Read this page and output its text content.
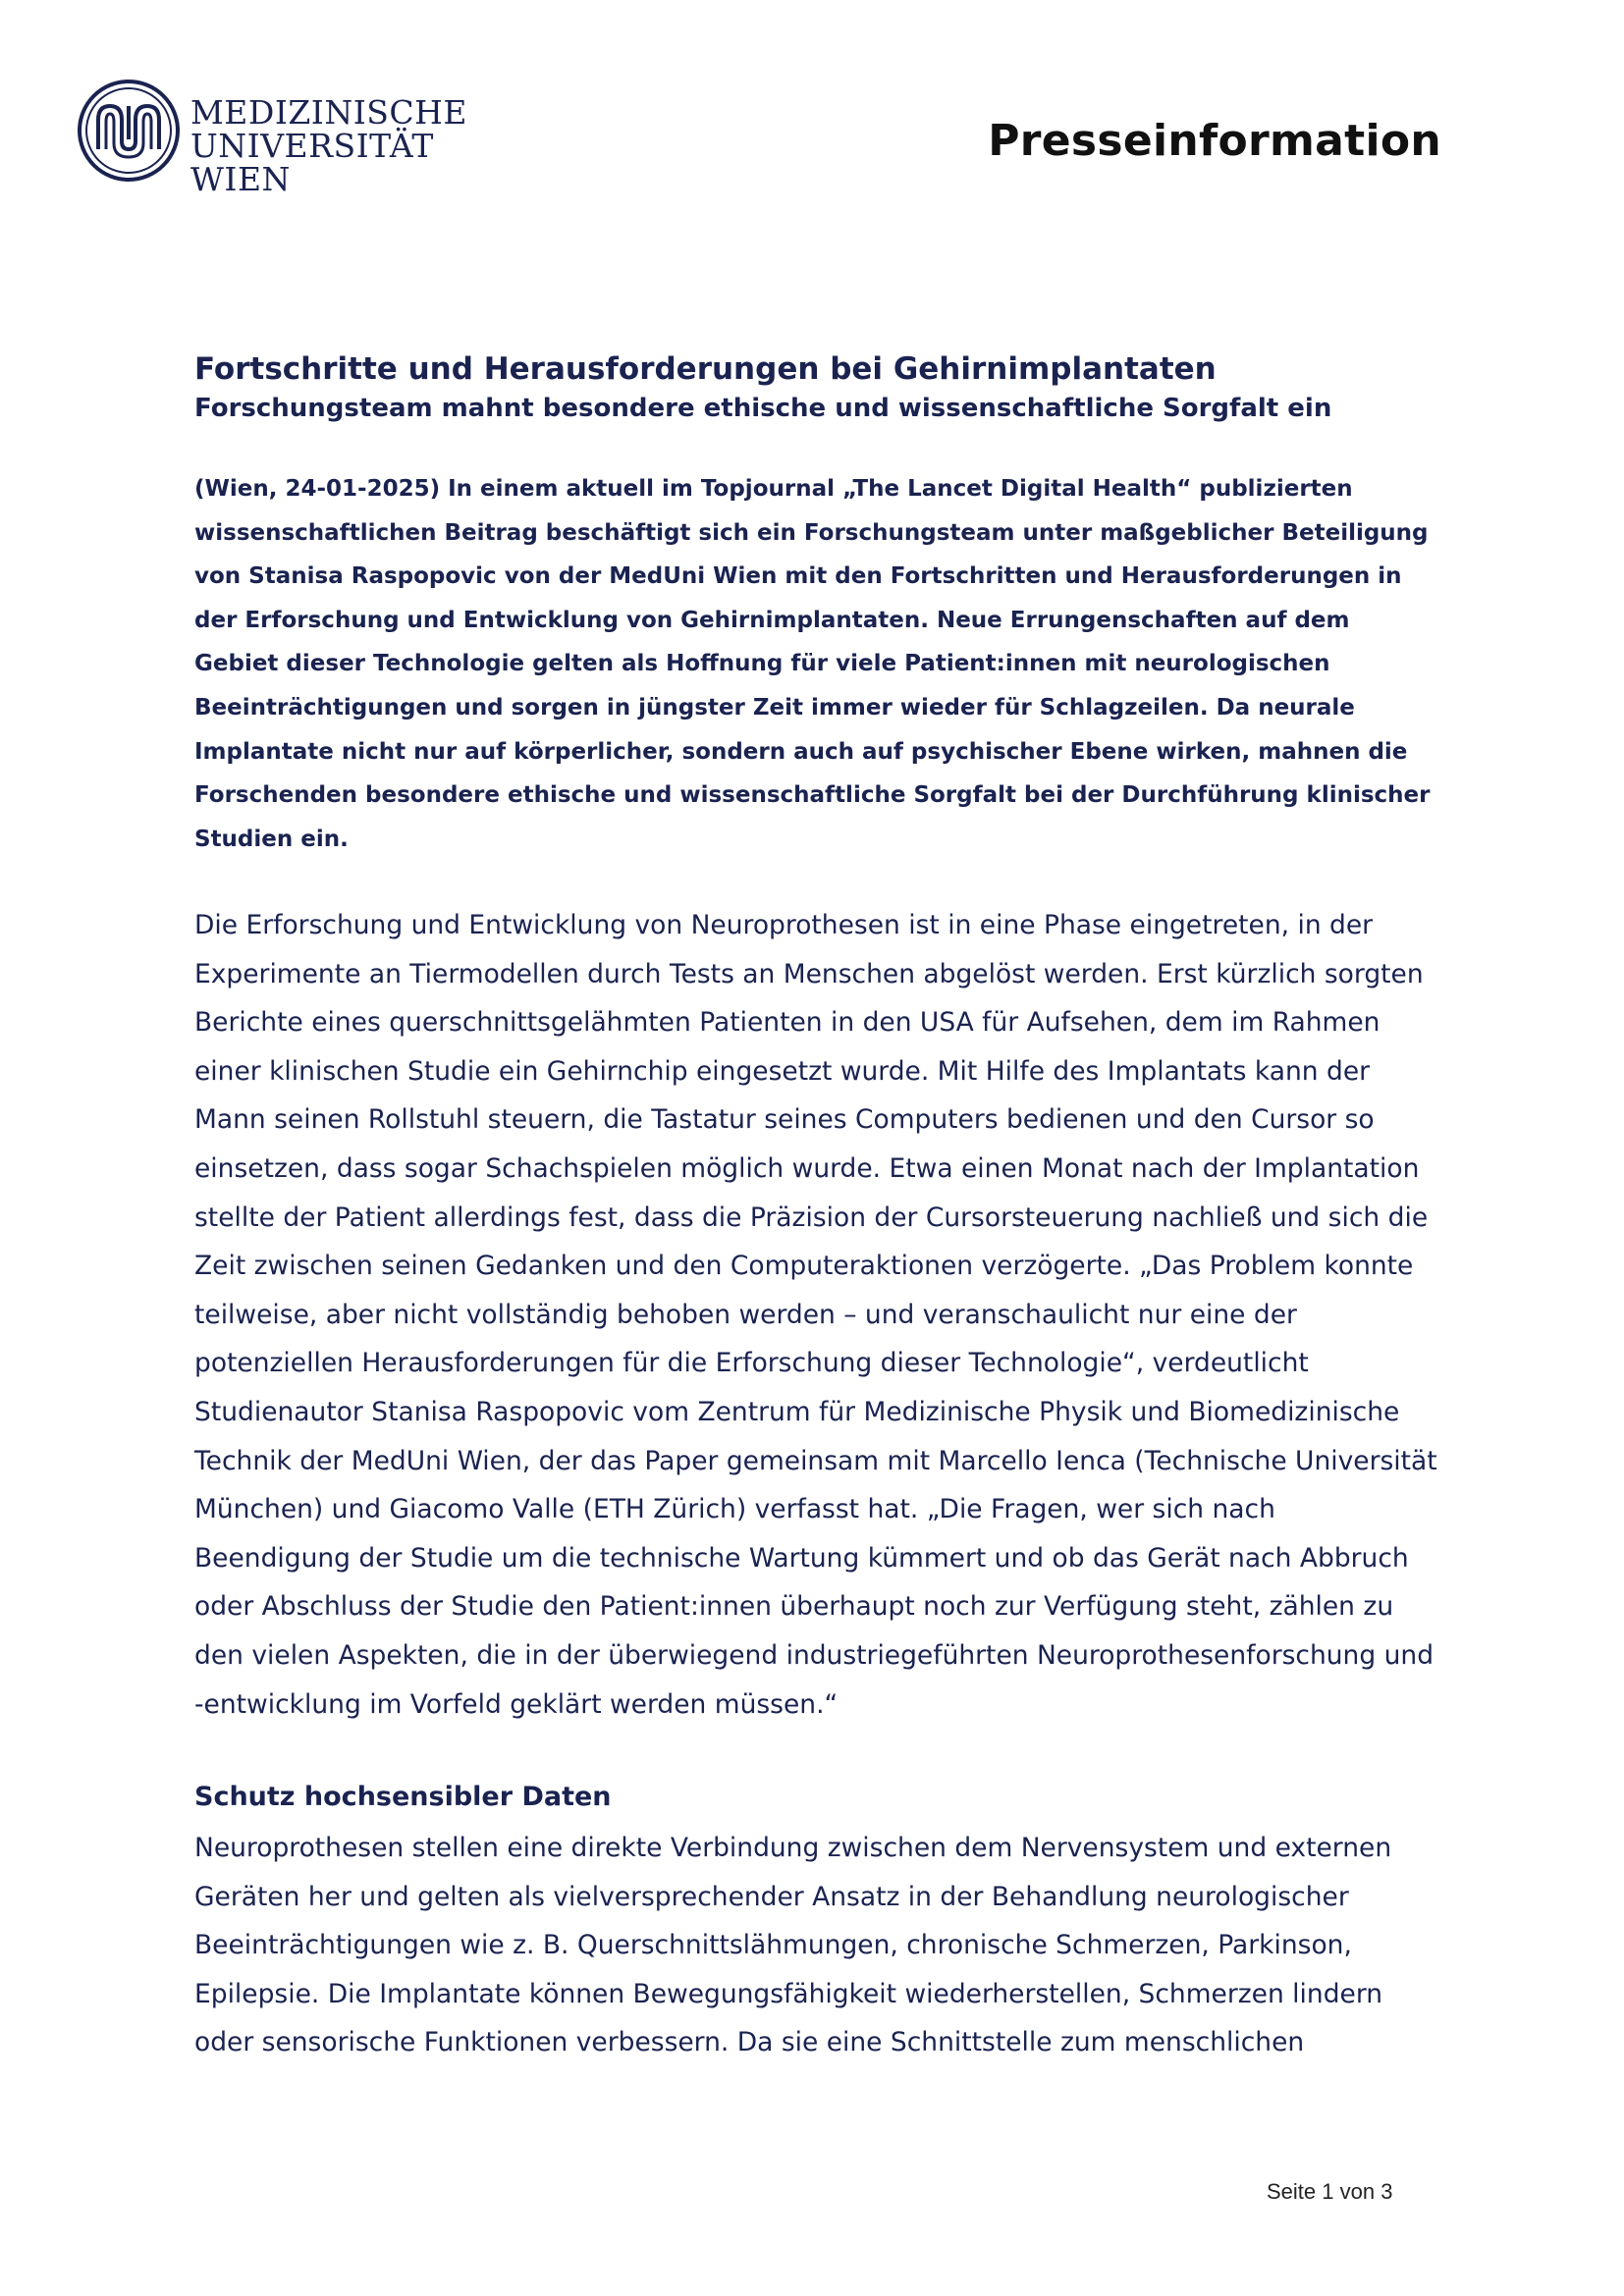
MEDIZINISCHE
UNIVERSITÄT WIEN
Presseinformation
Fortschritte und Herausforderungen bei Gehirnimplantaten
Forschungsteam mahnt besondere ethische und wissenschaftliche Sorgfalt ein
(Wien, 24-01-2025) In einem aktuell im Topjournal „The Lancet Digital Health“ publizierten wissenschaftlichen Beitrag beschäftigt sich ein Forschungsteam unter maßgeblicher Beteiligung von Stanisa Raspopovic von der MedUni Wien mit den Fortschritten und Herausforderungen in der Erforschung und Entwicklung von Gehirnimplantaten. Neue Errungenschaften auf dem Gebiet dieser Technologie gelten als Hoffnung für viele Patient:innen mit neurologischen Beeinträchtigungen und sorgen in jüngster Zeit immer wieder für Schlagzeilen. Da neurale Implantate nicht nur auf körperlicher, sondern auch auf psychischer Ebene wirken, mahnen die Forschenden besondere ethische und wissenschaftliche Sorgfalt bei der Durchführung klinischer Studien ein.
Die Erforschung und Entwicklung von Neuroprothesen ist in eine Phase eingetreten, in der Experimente an Tiermodellen durch Tests an Menschen abgelöst werden. Erst kürzlich sorgten Berichte eines querschnittsgelähmten Patienten in den USA für Aufsehen, dem im Rahmen einer klinischen Studie ein Gehirnchip eingesetzt wurde. Mit Hilfe des Implantats kann der Mann seinen Rollstuhl steuern, die Tastatur seines Computers bedienen und den Cursor so einsetzen, dass sogar Schachspielen möglich wurde. Etwa einen Monat nach der Implantation stellte der Patient allerdings fest, dass die Präzision der Cursorsteuerung nachließ und sich die Zeit zwischen seinen Gedanken und den Computeraktionen verzögerte. „Das Problem konnte teilweise, aber nicht vollständig behoben werden – und veranschaulicht nur eine der potenziellen Herausforderungen für die Erforschung dieser Technologie“, verdeutlicht Studienautor Stanisa Raspopovic vom Zentrum für Medizinische Physik und Biomedizinische Technik der MedUni Wien, der das Paper gemeinsam mit Marcello Ienca (Technische Universität München) und Giacomo Valle (ETH Zürich) verfasst hat. „Die Fragen, wer sich nach Beendigung der Studie um die technische Wartung kümmert und ob das Gerät nach Abbruch oder Abschluss der Studie den Patient:innen überhaupt noch zur Verfügung steht, zählen zu den vielen Aspekten, die in der überwiegend industriegeführten Neuroprothesenforschung und -entwicklung im Vorfeld geklärt werden müssen.“
Schutz hochsensibler Daten
Neuroprothesen stellen eine direkte Verbindung zwischen dem Nervensystem und externen Geräten her und gelten als vielversprechender Ansatz in der Behandlung neurologischer Beeinträchtigungen wie z. B. Querschnittslähmungen, chronische Schmerzen, Parkinson, Epilepsie. Die Implantate können Bewegungsfähigkeit wiederherstellen, Schmerzen lindern oder sensorische Funktionen verbessern. Da sie eine Schnittstelle zum menschlichen
Seite 1 von 3
